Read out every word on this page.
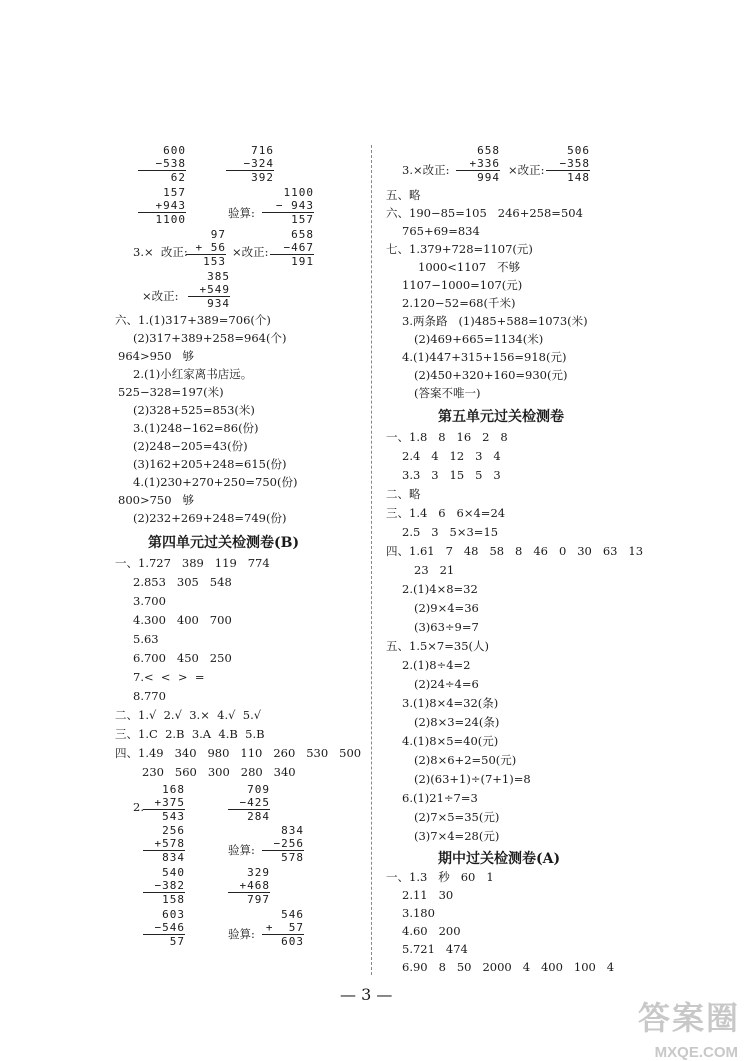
600
−538
62
716
−324
392
157
+943
1100	验算:
1100
− 943
157
3.×  改正:
97
+ 56
153
×改正:
658
−467
191
×改正:
385
+549
934
六、1.(1)317+389=706(个)
(2)317+389+258=964(个)
964>950   够
2.(1)小红家离书店远。
525−328=197(米)
(2)328+525=853(米)
3.(1)248−162=86(份)
(2)248−205=43(份)
(3)162+205+248=615(份)
4.(1)230+270+250=750(份)
800>750   够
(2)232+269+248=749(份)
第四单元过关检测卷(B)
一、1.727   389   119   774
2.853   305   548
3.700
4.300   400   700
5.63
6.700   450   250
7.<  <  >  =
8.770
二、1.√  2.√  3.×  4.√  5.√
三、1.C  2.B  3.A  4.B  5.B
四、1.49   340   980   110   260   530   500
230   560   300   280   340
2.
168
+375
543
709
−425
284
256
+578
834
验算:
834
−256
578
540
−382
158
329
+468
797
603
−546
57
3.×改正:
658
+336
994
×改正:
506
−358
148
五、略
六、190−85=105   246+258=504
765+69=834
七、1.379+728=1107(元)
1000<1107   不够
1107−1000=107(元)
2.120−52=68(千米)
3.两条路   (1)485+588=1073(米)
(2)469+665=1134(米)
4.(1)447+315+156=918(元)
(2)450+320+160=930(元)
(答案不唯一)
第五单元过关检测卷
一、1.8   8   16   2   8
2.4   4   12   3   4
3.3   3   15   5   3
二、略
三、1.4   6   6×4=24
2.5   3   5×3=15
四、1.61   7   48   58   8   46   0   30   63   13
23   21
2.(1)4×8=32
(2)9×4=36
(3)63÷9=7
五、1.5×7=35(人)
2.(1)8÷4=2
(2)24÷4=6
3.(1)8×4=32(条)
(2)8×3=24(条)
4.(1)8×5=40(元)
(2)8×6+2=50(元)
(2)(63+1)÷(7+1)=8
6.(1)21÷7=3
(2)7×5=35(元)
(3)7×4=28(元)
期中过关检测卷(A)
一、1.3   秒   60   1
2.11   30
— 3 —
答案圈
MXQE.COM
验算:
546
+  57
603
3.180
4.60   200
5.721   474
6.90   8   50   2000   4   400   100   4
